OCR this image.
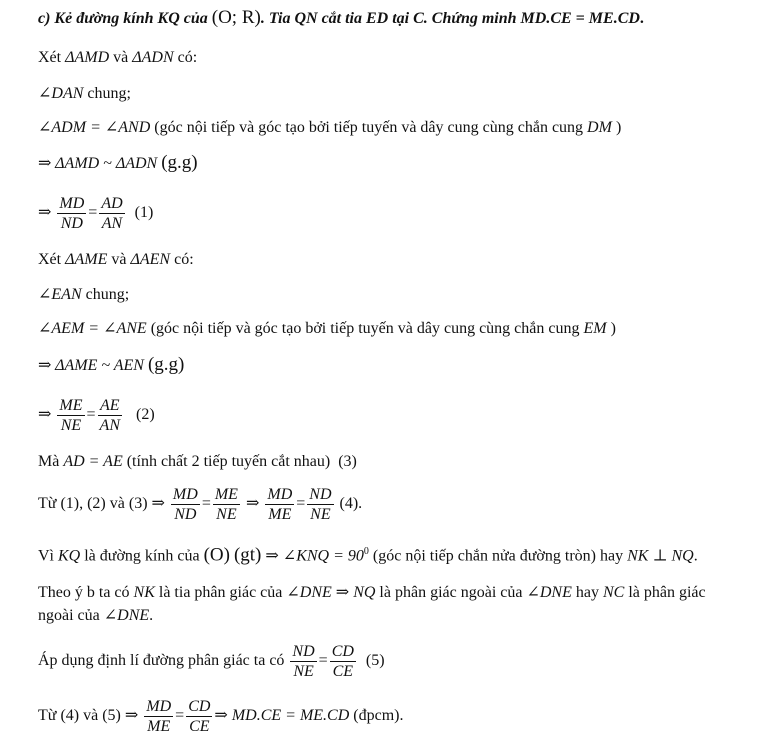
c) Kẻ đường kính KQ của (O; R). Tia QN cắt tia ED tại C. Chứng minh MD.CE = ME.CD.
Xét ΔAMD và ΔADN có:
∠DAN chung;
∠ADM = ∠AND (góc nội tiếp và góc tạo bởi tiếp tuyến và dây cung cùng chắn cung DM )
⇒ ΔAMD ~ ΔADN (g.g)
⇒ $\frac{MD}{ND} = \frac{AD}{AN} (1)$
Xét ΔAME và ΔAEN có:
∠EAN chung;
∠AEM = ∠ANE (góc nội tiếp và góc tạo bởi tiếp tuyến và dây cung cùng chắn cung EM )
⇒ ΔAME ~ AEN (g.g)
⇒ $\frac{ME}{NE} = \frac{AE}{AN} (2)$
Mà AD = AE (tính chất 2 tiếp tuyến cắt nhau) (3)
Từ (1), (2) và (3) ⇒ $\frac{MD}{ND} = \frac{ME}{NE}$ ⇒ $\frac{MD}{ME} = \frac{ND}{NE} (4)$.
Vì KQ là đường kính của (O) (gt) ⇒ ∠KNQ = $90^0$ (góc nội tiếp chắn nửa đường tròn) hay NK ⊥ NQ.
Theo ý b ta có NK là tia phân giác của ∠DNE ⇒ NQ là phân giác ngoài của ∠DNE hay NC là phân giác
ngoài của ∠DNE.
Áp dụng định lí đường phân giác ta có $\frac{ND}{NE} = \frac{CD}{CE} (5)$
Từ (4) và (5) ⇒ $\frac{MD}{ME} = \frac{CD}{CE}$ ⇒ MD.CE = ME.CD (đpcm).
